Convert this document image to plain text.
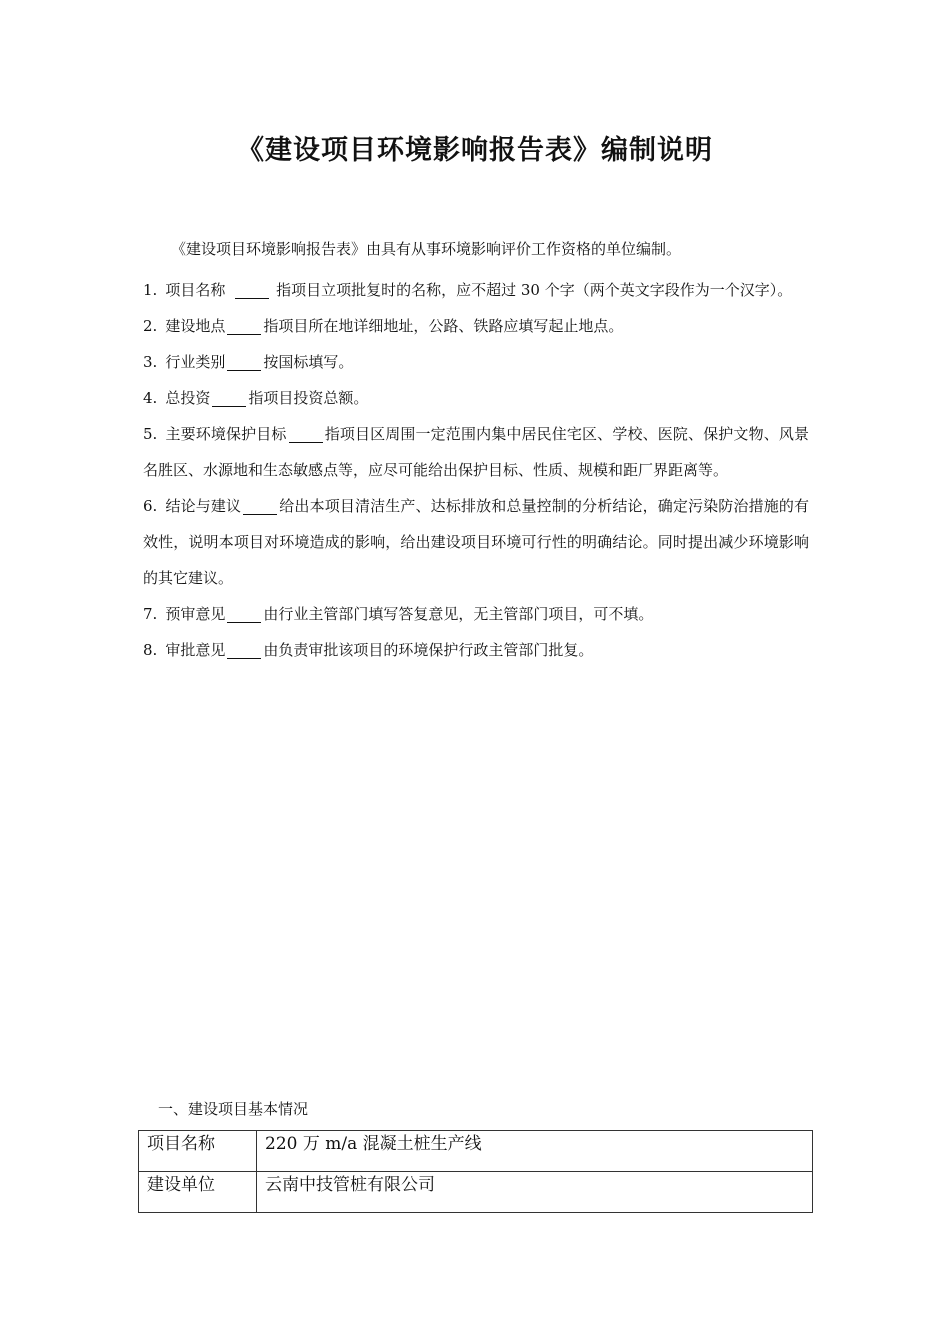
《建设项目环境影响报告表》编制说明
《建设项目环境影响报告表》由具有从事环境影响评价工作资格的单位编制。

1. 项目名称	指项目立项批复时的名称，应不超过 30 个字（两个英文字段作为一个汉字）。

2. 建设地点	指项目所在地详细地址，公路、铁路应填写起止地点。

3. 行业类别	按国标填写。

4. 总投资	指项目投资总额。

5. 主要环境保护目标	指项目区周围一定范围内集中居民住宅区、学校、医院、保护文物、风景名胜区、水源地和生态敏感点等，应尽可能给出保护目标、性质、规模和距厂界距离等。

6. 结论与建议	给出本项目清洁生产、达标排放和总量控制的分析结论，确定污染防治措施的有效性，说明本项目对环境造成的影响，给出建设项目环境可行性的明确结论。同时提出减少环境影响的其它建议。

7. 预审意见	由行业主管部门填写答复意见，无主管部门项目，可不填。

8. 审批意见	由负责审批该项目的环境保护行政主管部门批复。

一、建设项目基本情况
项目名称	220 万 m/a 混凝土桩生产线
建设单位	云南中技管桩有限公司
